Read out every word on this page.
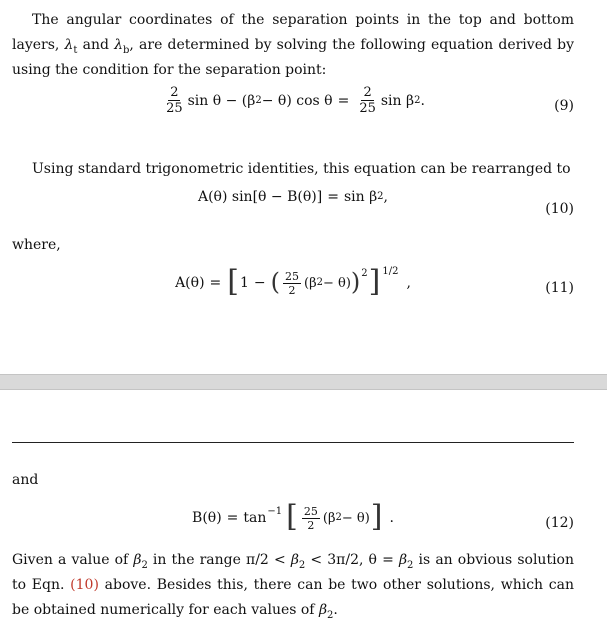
The angular coordinates of the separation points in the top and bottom layers, $\lambda_t$ and $\lambda_b$, are determined by solving the following equation derived by using the condition for the separation point:

$\frac{2}{25}$ sin θ − (β 2 − θ) $\cos \theta = \frac{2}{25}$ sin β 2 .	(9)

Using standard trigonometric identities, this equation can be rearranged to

A(θ) sin[θ − B(θ)] = sin β 2 ,
(10)

where,

A(θ) = [ 1 − ( $\frac{25}{2} (\beta$ 2 − θ) ) 2 ] 1/2
,	(11)

and

B(θ) = tan −1 [ $\frac{25}{2} (\beta$ 2 − θ) ] .	(12)

Given a value of $\beta_2$ in the range $\pi/2 < \beta_2 < 3\pi/2$, $\theta = \beta_2$ is an obvious solution to Eqn. (10) above. Besides this, there can be two other solutions, which can be obtained numerically for each values of $\beta_2$.
